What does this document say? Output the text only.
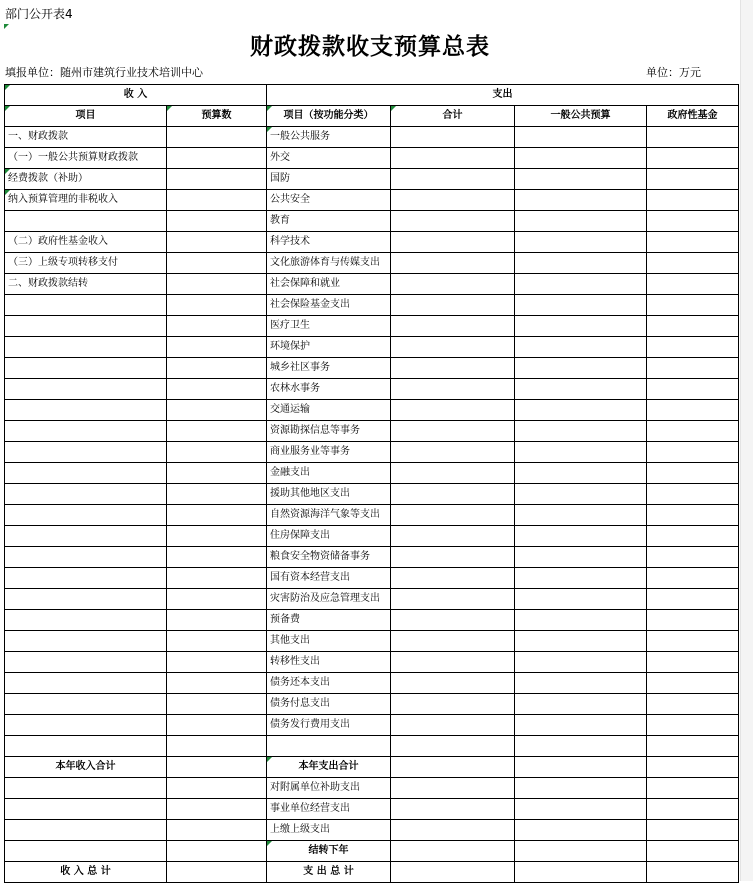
部门公开表4
财政拨款收支预算总表
填报单位：随州市建筑行业技术培训中心	单位：万元
收 入		支出			
项目	预算数	项目（按功能分类）	合计	一般公共预算	政府性基金
一、财政拨款		一般公共服务			
（一）一般公共预算财政拨款		外交			
经费拨款（补助）		国防			
纳入预算管理的非税收入		公共安全			
		教育			
（二）政府性基金收入		科学技术			
（三）上级专项转移支付		文化旅游体育与传媒支出			
二、财政拨款结转		社会保障和就业			
		社会保险基金支出			
		医疗卫生			
		环境保护			
		城乡社区事务			
		农林水事务			
		交通运输			
		资源勘探信息等事务			
		商业服务业等事务			
		金融支出			
		援助其他地区支出			
		自然资源海洋气象等支出			
		住房保障支出			
		粮食安全物资储备事务			
		国有资本经营支出			
		灾害防治及应急管理支出			
		预备费			
		其他支出			
		转移性支出			
		债务还本支出			
		债务付息支出			
		债务发行费用支出			

本年收入合计		本年支出合计			
		对附属单位补助支出			
		事业单位经营支出			
		上缴上级支出			
		结转下年			
收 入 总 计		支 出 总 计			
